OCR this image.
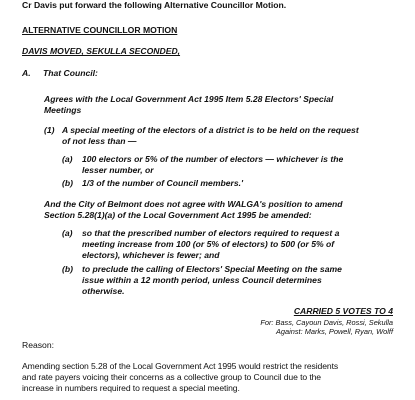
Cr Davis put forward the following Alternative Councillor Motion.
ALTERNATIVE COUNCILLOR MOTION
DAVIS MOVED, SEKULLA SECONDED,
A. That Council:
Agrees with the Local Government Act 1995 Item 5.28 Electors' Special
Meetings
(1) A special meeting of the electors of a district is to be held on the request
of not less than —
(a) 100 electors or 5% of the number of electors — whichever is the
lesser number, or
(b) 1/3 of the number of Council members.'
And the City of Belmont does not agree with WALGA's position to amend
Section 5.28(1)(a) of the Local Government Act 1995 be amended:
(a) so that the prescribed number of electors required to request a
meeting increase from 100 (or 5% of electors) to 500 (or 5% of
electors), whichever is fewer; and
(b) to preclude the calling of Electors' Special Meeting on the same
issue within a 12 month period, unless Council determines
otherwise.
CARRIED 5 VOTES TO 4
For: Bass, Cayoun Davis, Rossi, Sekulla
Against: Marks, Powell, Ryan, Wolff
Reason:
Amending section 5.28 of the Local Government Act 1995 would restrict the residents
and rate payers voicing their concerns as a collective group to Council due to the
increase in numbers required to request a special meeting.
